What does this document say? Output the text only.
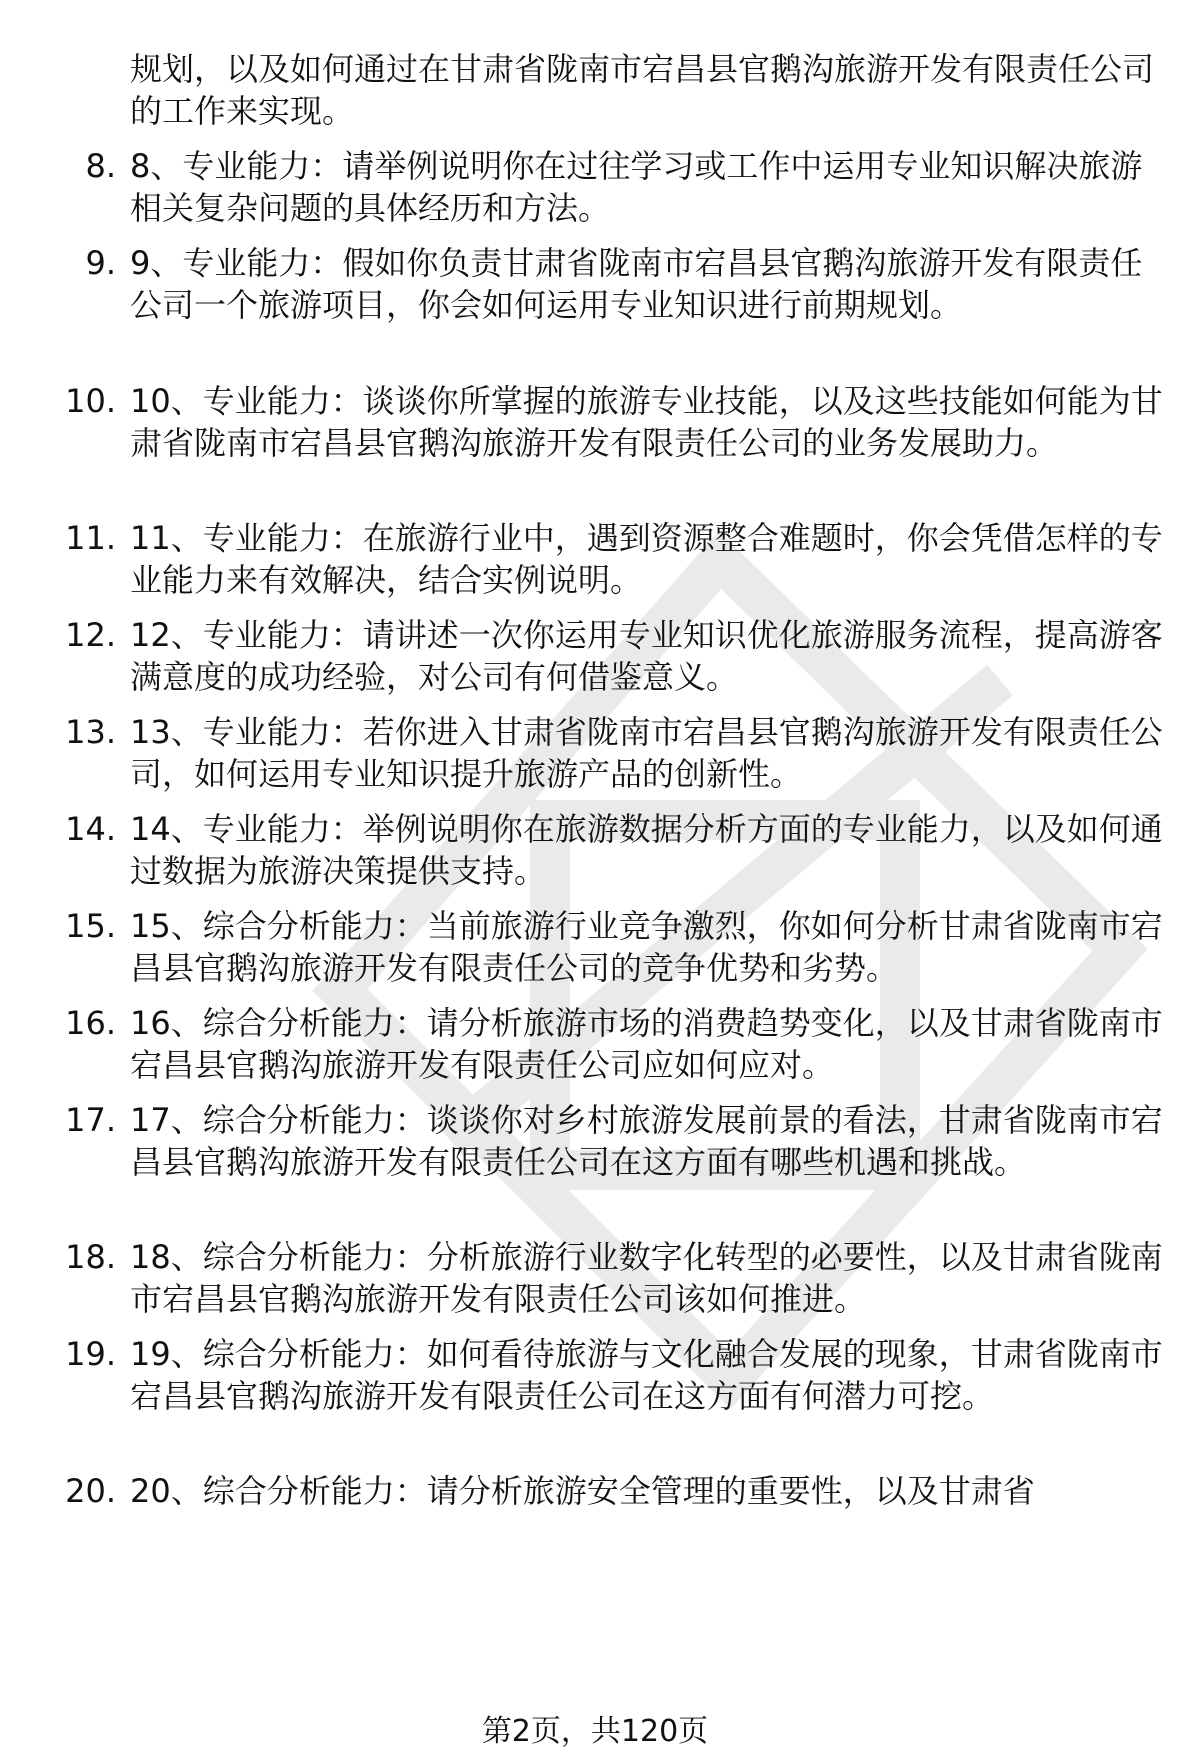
规划，以及如何通过在甘肃省陇南市宕昌县官鹅沟旅游开发有限责任公司的工作来实现。
8. 8、专业能力：请举例说明你在过往学习或工作中运用专业知识解决旅游相关复杂问题的具体经历和方法。
9. 9、专业能力：假如你负责甘肃省陇南市宕昌县官鹅沟旅游开发有限责任公司一个旅游项目，你会如何运用专业知识进行前期规划。
10. 10、专业能力：谈谈你所掌握的旅游专业技能，以及这些技能如何能为甘肃省陇南市宕昌县官鹅沟旅游开发有限责任公司的业务发展助力。
11. 11、专业能力：在旅游行业中，遇到资源整合难题时，你会凭借怎样的专业能力来有效解决，结合实例说明。
12. 12、专业能力：请讲述一次你运用专业知识优化旅游服务流程，提高游客满意度的成功经验，对公司有何借鉴意义。
13. 13、专业能力：若你进入甘肃省陇南市宕昌县官鹅沟旅游开发有限责任公司，如何运用专业知识提升旅游产品的创新性。
14. 14、专业能力：举例说明你在旅游数据分析方面的专业能力，以及如何通过数据为旅游决策提供支持。
15. 15、综合分析能力：当前旅游行业竞争激烈，你如何分析甘肃省陇南市宕昌县官鹅沟旅游开发有限责任公司的竞争优势和劣势。
16. 16、综合分析能力：请分析旅游市场的消费趋势变化，以及甘肃省陇南市宕昌县官鹅沟旅游开发有限责任公司应如何应对。
17. 17、综合分析能力：谈谈你对乡村旅游发展前景的看法，甘肃省陇南市宕昌县官鹅沟旅游开发有限责任公司在这方面有哪些机遇和挑战。
18. 18、综合分析能力：分析旅游行业数字化转型的必要性，以及甘肃省陇南市宕昌县官鹅沟旅游开发有限责任公司该如何推进。
19. 19、综合分析能力：如何看待旅游与文化融合发展的现象，甘肃省陇南市宕昌县官鹅沟旅游开发有限责任公司在这方面有何潜力可挖。
20. 20、综合分析能力：请分析旅游安全管理的重要性，以及甘肃省
第2页，共120页
